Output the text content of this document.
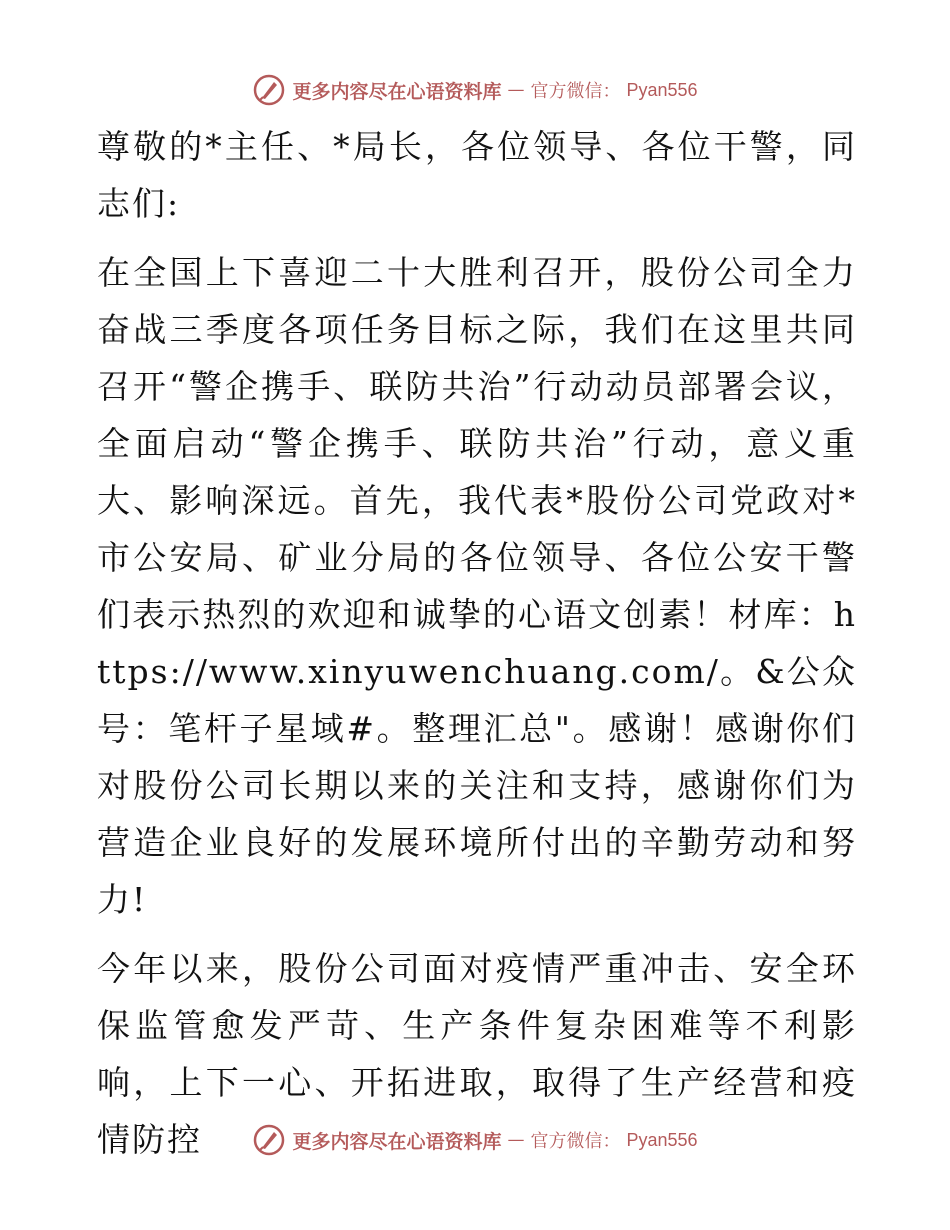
更多内容尽在心语资料库 — 官方微信： Pyan556

尊敬的*主任、*局长，各位领导、各位干警，同志们:

在全国上下喜迎二十大胜利召开，股份公司全力奋战三季度各项任务目标之际，我们在这里共同召开“警企携手、联防共治”行动动员部署会议，全面启动“警企携手、联防共治”行动，意义重大、影响深远。首先，我代表*股份公司党政对*市公安局、矿业分局的各位领导、各位公安干警们表示热烈的欢迎和诚挚的心语文创素！材库：https://www.xinyuwenchuang.com/。&公众号：笔杆子星域#。整理汇总"。感谢！感谢你们对股份公司长期以来的关注和支持，感谢你们为营造企业良好的发展环境所付出的辛勤劳动和努力!

今年以来，股份公司面对疫情严重冲击、安全环保监管愈发严苛、生产条件复杂困难等不利影响，上下一心、开拓进取，取得了生产经营和疫情防控	更多内容尽在心语资料库 — 官方微信： Pyan556
